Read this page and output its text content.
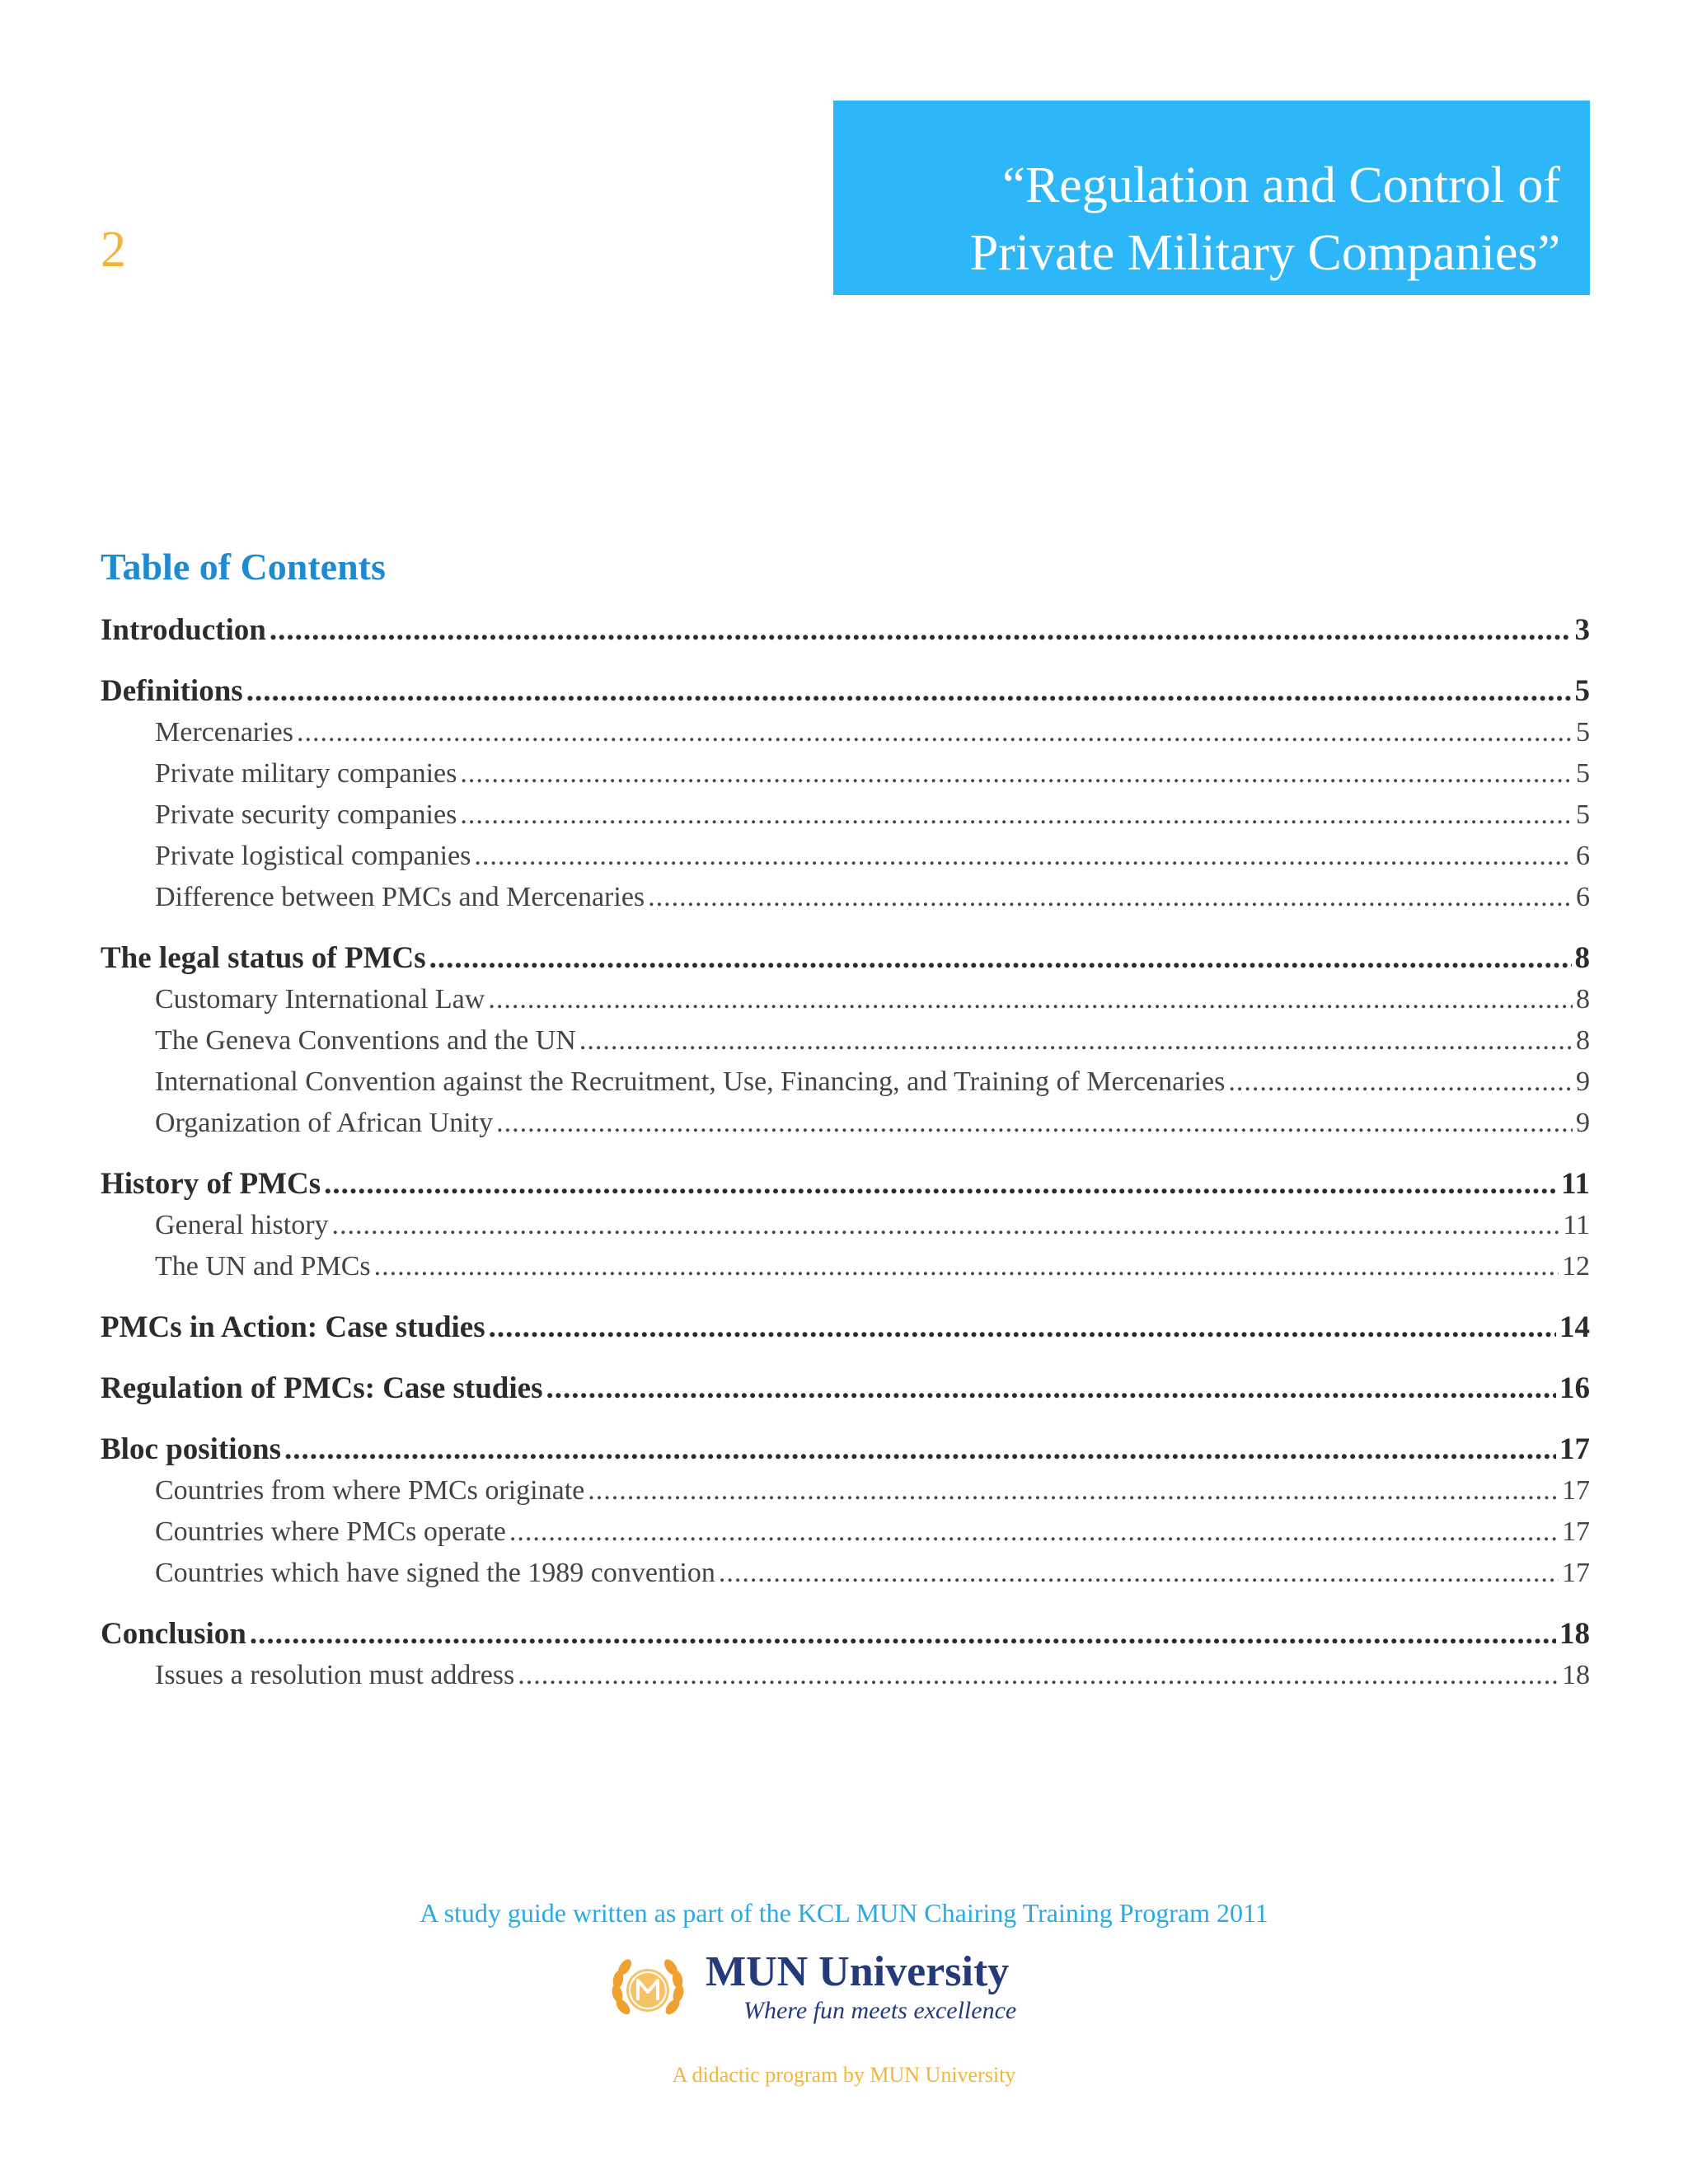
2
“Regulation and Control of
Private Military Companies”
Table of Contents
Introduction .....	3
Definitions .....	5
Mercenaries .....	5
Private military companies .....	5
Private security companies .....	5
Private logistical companies .....	6
Difference between PMCs and Mercenaries .....	6
The legal status of PMCs .....	8
Customary International Law .....	8
The Geneva Conventions and the UN .....	8
International Convention against the Recruitment, Use, Financing, and Training of Mercenaries .....	9
Organization of African Unity .....	9
History of PMCs .....	11
General history .....	11
The UN and PMCs .....	12
PMCs in Action: Case studies .....	14
Regulation of PMCs: Case studies .....	16
Bloc positions .....	17
Countries from where PMCs originate .....	17
Countries where PMCs operate .....	17
Countries which have signed the 1989 convention .....	17
Conclusion .....	18
Issues a resolution must address .....	18
A study guide written as part of the KCL MUN Chairing Training Program 2011
MUN University
Where fun meets excellence
A didactic program by MUN University
